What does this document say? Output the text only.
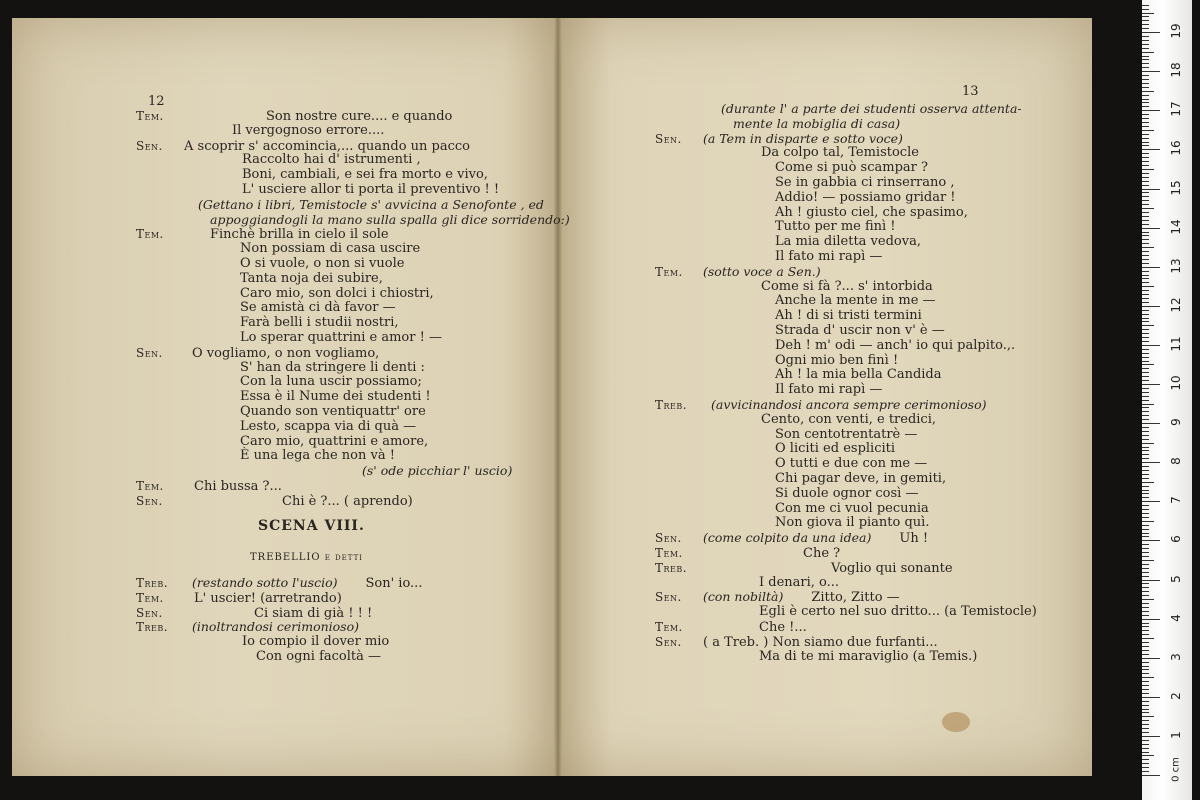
12
13
Tem.	Son nostre cure.... e quando
Il vergognoso errore....
Sen. A scoprir s' accomincia,... quando un pacco
Raccolto hai d' istrumenti ,
Boni, cambiali, e sei fra morto e vivo,
L' usciere allor ti porta il preventivo ! !
(Gettano i libri, Temistocle s' avvicina a Senofonte , ed
appoggiandogli la mano sulla spalla gli dice sorridendo:)
Tem.	Finchè brilla in cielo il sole
Non possiam di casa uscire
O si vuole, o non si vuole
Tanta noja dei subire,
Caro mio, son dolci i chiostri,
Se amistà ci dà favor —
Farà belli i studii nostri,
Lo sperar quattrini e amor ! —
Sen. O vogliamo, o non vogliamo,
S' han da stringere li denti :
Con la luna uscir possiamo;
Essa è il Nume dei studenti !
Quando son ventiquattr' ore
Lesto, scappa via di quà —
Caro mio, quattrini e amore,
È una lega che non và !
(s' ode picchiar l' uscio)
Tem. Chi bussa ?...
Sen.	Chi è ?... ( aprendo)
SCENA VIII.
TREBELLIO e detti
Treb. (restando sotto l'uscio) Son' io...
Tem. L' uscier! (arretrando)
Sen.	Ci siam di già ! ! !
Treb. (inoltrandosi cerimonioso)
Io compio il dover mio
Con ogni facoltà —
(durante l' a parte dei studenti osserva attenta-
mente la mobiglia di casa)
Sen. (a Tem in disparte e sotto voce)
Da colpo tal, Temistocle
Come si può scampar ?
Se in gabbia ci rinserrano ,
Addio! — possiamo gridar !
Ah ! giusto ciel, che spasimo,
Tutto per me finì !
La mia diletta vedova,
Il fato mi rapì —
Tem. (sotto voce a Sen.)
Come si fà ?... s' intorbida
Anche la mente in me —
Ah ! di si tristi termini
Strada d' uscir non v' è —
Deh ! m' odi — anch' io qui palpito.,.
Ogni mio ben finì !
Ah ! la mia bella Candida
Il fato mi rapì —
Treb. (avvicinandosi ancora sempre cerimonioso)
Cento, con venti, e tredici,
Son centotrentatrè —
O liciti ed espliciti
O tutti e due con me —
Chi pagar deve, in gemiti,
Si duole ognor così —
Con me ci vuol pecunia
Non giova il pianto quì.
Sen. (come colpito da una idea) Uh !
Tem.	Che ?
Treb.	Voglio qui sonante
I denari, o...
Sen. (con nobiltà) Zitto, Zitto —
Egli è certo nel suo dritto... (a Temistocle)
Tem.	Che !...
Sen. ( a Treb. ) Non siamo due furfanti...
Ma di te mi maraviglio (a Temis.)
1
2
3
4
5
6
7
8
9
10
11
12
13
14
15
16
17
18
19
0 cm
